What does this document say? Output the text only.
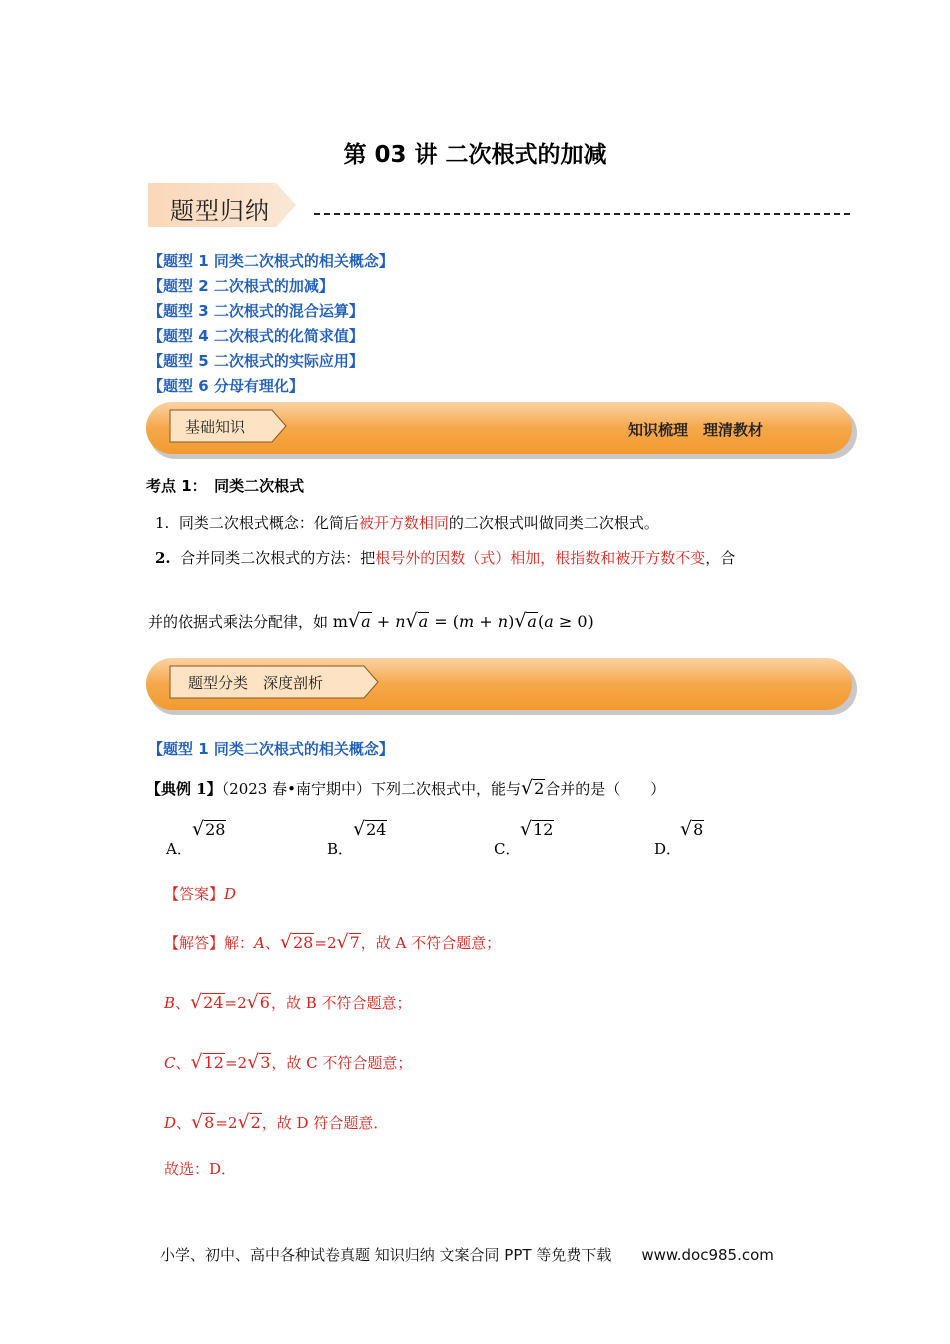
第 03 讲 二次根式的加减
题型归纳
【题型 1 同类二次根式的相关概念】
【题型 2 二次根式的加减】
【题型 3 二次根式的混合运算】
【题型 4 二次根式的化简求值】
【题型 5 二次根式的实际应用】
【题型 6 分母有理化】
基础知识	知识梳理　理清教材
考点 1：　同类二次根式
1. 同类二次根式概念：化简后被开方数相同的二次根式叫做同类二次根式。
2. 合并同类二次根式的方法：把根号外的因数（式）相加，根指数和被开方数不变，合
并的依据式乘法分配律，如 m√a + n√a = (m + n)√a(a ≥ 0)
题型分类　深度剖析
【题型 1 同类二次根式的相关概念】
【典例 1】（2023 春•南宁期中）下列二次根式中，能与√2合并的是（　　）
A．
√28
B．
√24
C．
√12
D．
√8
【答案】D
【解答】解：A、√28=2√7，故 A 不符合题意；
B、√24=2√6，故 B 不符合题意；
C、√12=2√3，故 C 不符合题意；
D、√8=2√2，故 D 符合题意．
故选：D．
小学、初中、高中各种试卷真题 知识归纳 文案合同 PPT 等免费下载　　www.doc985.com
